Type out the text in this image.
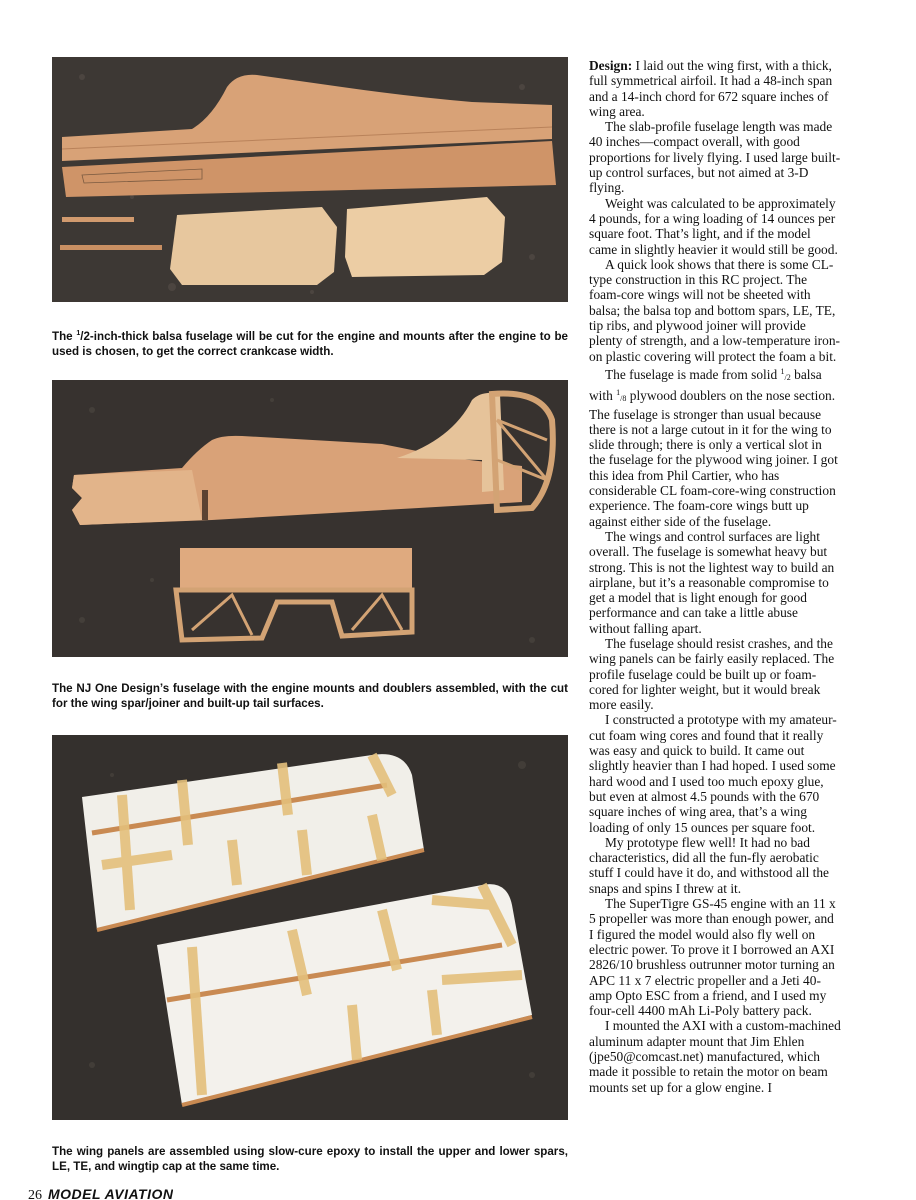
The $^1$/2-inch-thick balsa fuselage will be cut for the engine and mounts after the engine to be used is chosen, to get the correct crankcase width.
The NJ One Design’s fuselage with the engine mounts and doublers assembled, with the cut for the wing spar/joiner and built-up tail surfaces.
The wing panels are assembled using slow-cure epoxy to install the upper and lower spars, LE, TE, and wingtip cap at the same time.

Design: I laid out the wing first, with a thick, full symmetrical airfoil. It had a 48-inch span and a 14-inch chord for 672 square inches of wing area.

The slab-profile fuselage length was made 40 inches—compact overall, with good proportions for lively flying. I used large built-up control surfaces, but not aimed at 3-D flying.

Weight was calculated to be approximately 4 pounds, for a wing loading of 14 ounces per square foot. That’s light, and if the model came in slightly heavier it would still be good.

A quick look shows that there is some CL-type construction in this RC project. The foam-core wings will not be sheeted with balsa; the balsa top and bottom spars, LE, TE, tip ribs, and plywood joiner will provide plenty of strength, and a low-temperature iron-on plastic covering will protect the foam a bit.

The fuselage is made from solid $^1_{/2}$ balsa with $^1_{/8}$ plywood doublers on the nose section. The fuselage is stronger than usual because there is not a large cutout in it for the wing to slide through; there is only a vertical slot in the fuselage for the plywood wing joiner. I got this idea from Phil Cartier, who has considerable CL foam-core-wing construction experience. The foam-core wings butt up against either side of the fuselage.

The wings and control surfaces are light overall. The fuselage is somewhat heavy but strong. This is not the lightest way to build an airplane, but it’s a reasonable compromise to get a model that is light enough for good performance and can take a little abuse without falling apart.

The fuselage should resist crashes, and the wing panels can be fairly easily replaced. The profile fuselage could be built up or foam-cored for lighter weight, but it would break more easily.

I constructed a prototype with my amateur-cut foam wing cores and found that it really was easy and quick to build. It came out slightly heavier than I had hoped. I used some hard wood and I used too much epoxy glue, but even at almost 4.5 pounds with the 670 square inches of wing area, that’s a wing loading of only 15 ounces per square foot.

My prototype flew well! It had no bad characteristics, did all the fun-fly aerobatic stuff I could have it do, and withstood all the snaps and spins I threw at it.

The SuperTigre GS-45 engine with an 11 x 5 propeller was more than enough power, and I figured the model would also fly well on electric power. To prove it I borrowed an AXI 2826/10 brushless outrunner motor turning an APC 11 x 7 electric propeller and a Jeti 40-amp Opto ESC from a friend, and I used my four-cell 4400 mAh Li-Poly battery pack.

I mounted the AXI with a custom-machined aluminum adapter mount that Jim Ehlen (jpe50@comcast.net) manufactured, which made it possible to retain the motor on beam mounts set up for a glow engine. I

26 MODEL AVIATION
